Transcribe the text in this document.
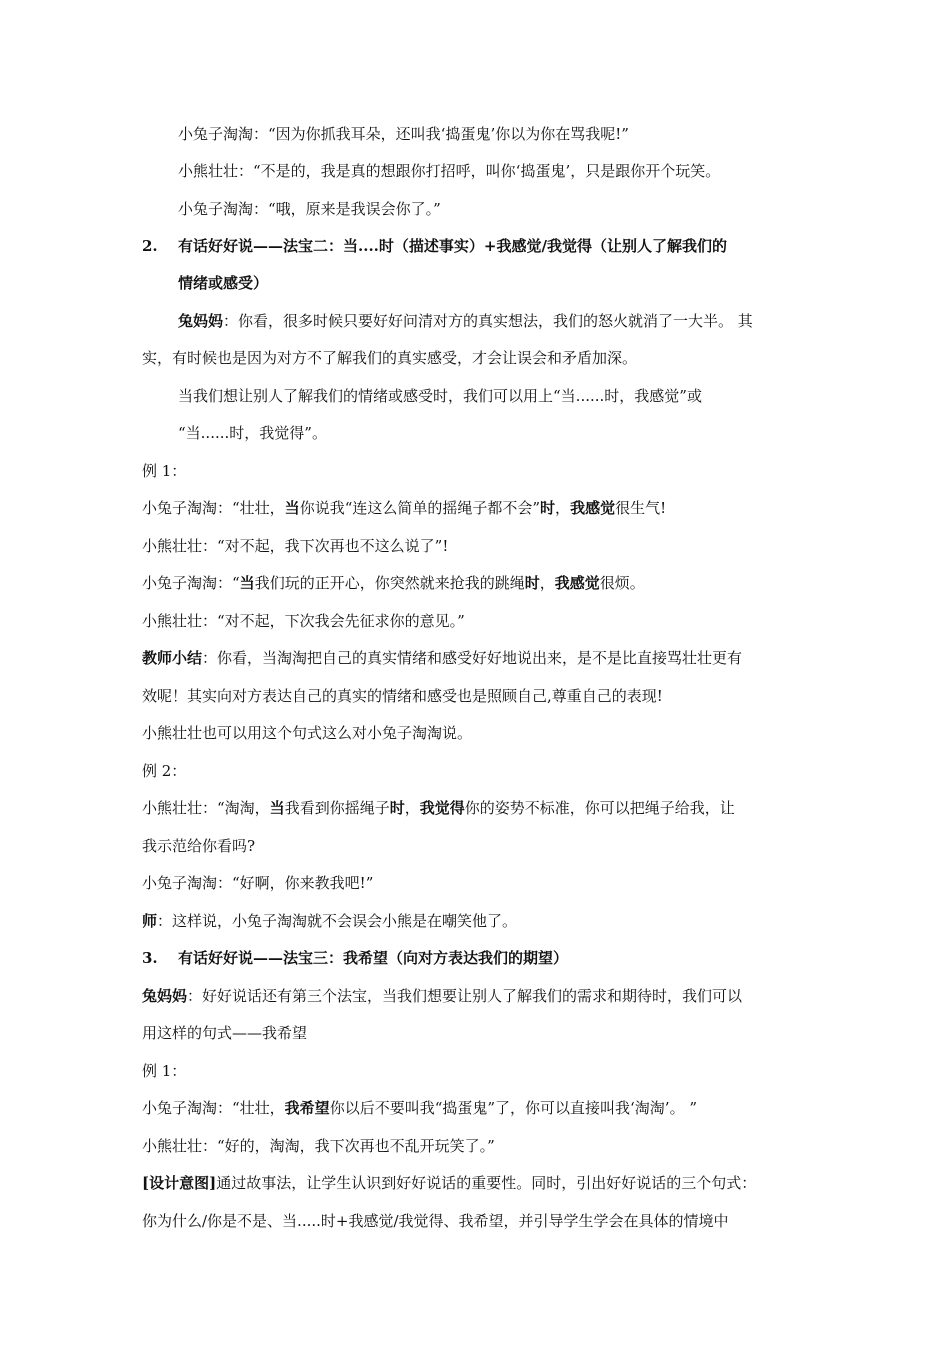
小兔子淘淘：“因为你抓我耳朵，还叫我‘捣蛋鬼’你以为你在骂我呢!”
小熊壮壮：“不是的，我是真的想跟你打招呼，叫你‘捣蛋鬼’，只是跟你开个玩笑。
小兔子淘淘：“哦，原来是我误会你了。”
2. 有话好好说——法宝二：当....时（描述事实）+我感觉/我觉得（让别人了解我们的
情绪或感受）
兔妈妈：你看，很多时候只要好好问清对方的真实想法，我们的怒火就消了一大半。 其
实，有时候也是因为对方不了解我们的真实感受，才会让误会和矛盾加深。
当我们想让别人了解我们的情绪或感受时，我们可以用上“当......时，我感觉”或
“当......时，我觉得”。
例 1：
小兔子淘淘：“壮壮，当你说我“连这么简单的摇绳子都不会”时，我感觉很生气!
小熊壮壮：“对不起，我下次再也不这么说了”!
小兔子淘淘：“当我们玩的正开心，你突然就来抢我的跳绳时，我感觉很烦。
小熊壮壮：“对不起，下次我会先征求你的意见。”
教师小结：你看，当淘淘把自己的真实情绪和感受好好地说出来，是不是比直接骂壮壮更有
效呢！其实向对方表达自己的真实的情绪和感受也是照顾自己,尊重自己的表现!
小熊壮壮也可以用这个句式这么对小兔子淘淘说。
例 2：
小熊壮壮：“淘淘，当我看到你摇绳子时，我觉得你的姿势不标准，你可以把绳子给我，让
我示范给你看吗?
小兔子淘淘：“好啊，你来教我吧!”
师：这样说，小兔子淘淘就不会误会小熊是在嘲笑他了。
3. 有话好好说——法宝三：我希望（向对方表达我们的期望）
兔妈妈：好好说话还有第三个法宝，当我们想要让别人了解我们的需求和期待时，我们可以
用这样的句式——我希望
例 1：
小兔子淘淘：“壮壮，我希望你以后不要叫我“捣蛋鬼”了，你可以直接叫我‘淘淘’。 ”
小熊壮壮：“好的，淘淘，我下次再也不乱开玩笑了。”
[设计意图]通过故事法，让学生认识到好好说话的重要性。同时，引出好好说话的三个句式：
你为什么/你是不是、当.....时+我感觉/我觉得、我希望，并引导学生学会在具体的情境中
